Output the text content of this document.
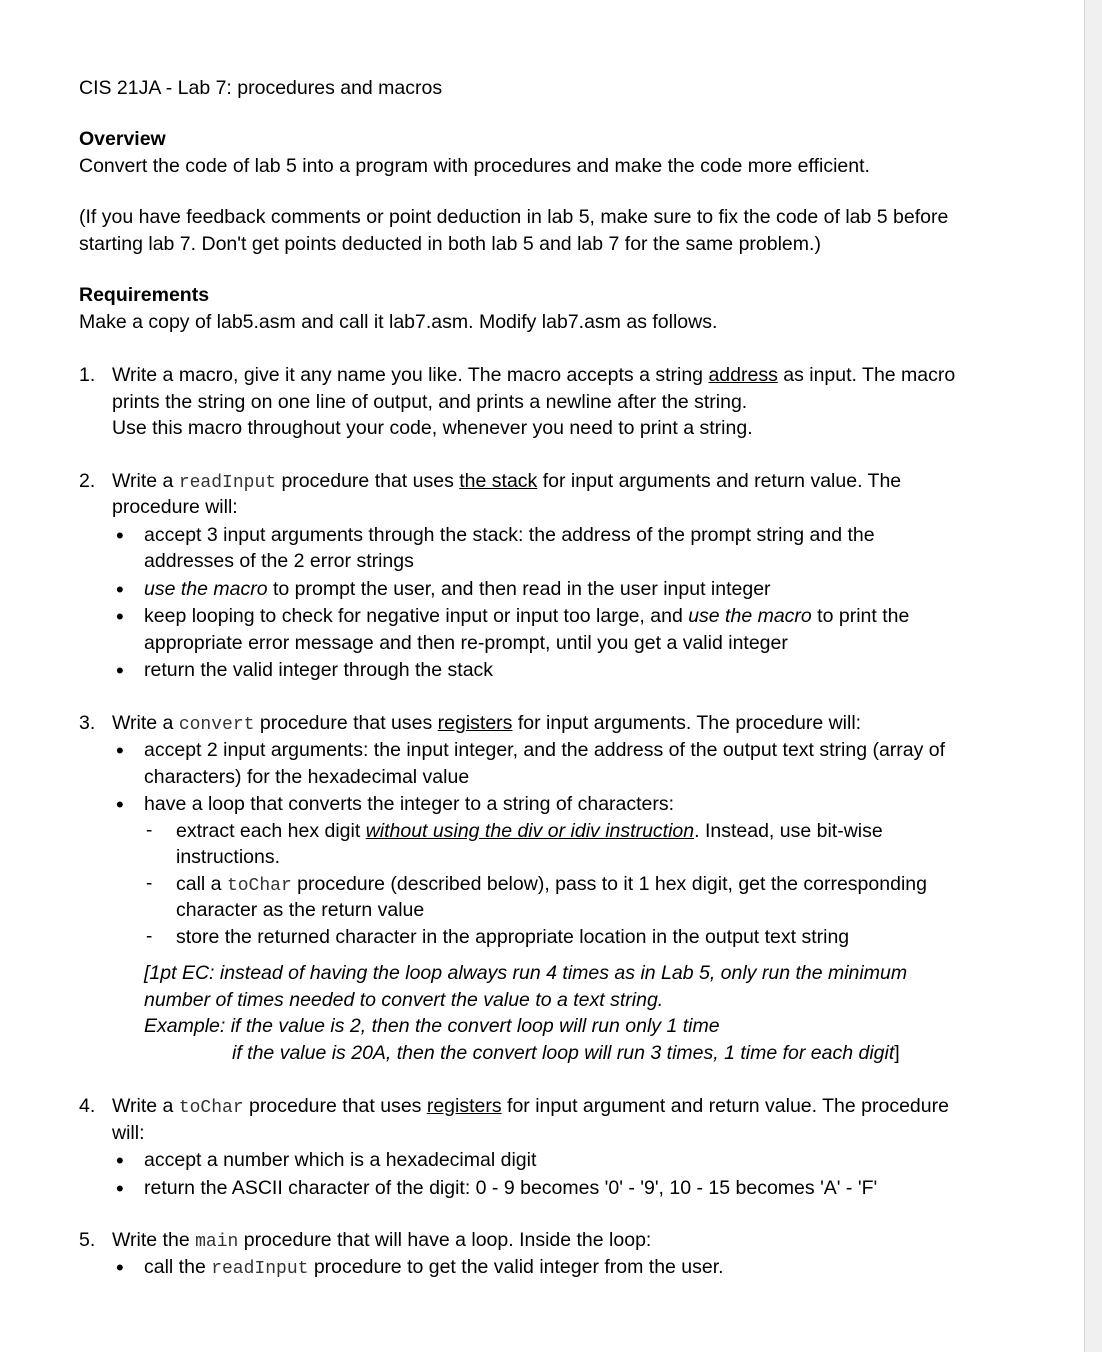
CIS 21JA - Lab 7: procedures and macros
Overview
Convert the code of lab 5 into a program with procedures and make the code more efficient.
(If you have feedback comments or point deduction in lab 5, make sure to fix the code of lab 5 before
starting lab 7. Don't get points deducted in both lab 5 and lab 7 for the same problem.)
Requirements
Make a copy of lab5.asm and call it lab7.asm. Modify lab7.asm as follows.
1. Write a macro, give it any name you like. The macro accepts a string address as input. The macro
prints the string on one line of output, and prints a newline after the string.
Use this macro throughout your code, whenever you need to print a string.
2. Write a readInput procedure that uses the stack for input arguments and return value. The
procedure will:
• accept 3 input arguments through the stack: the address of the prompt string and the
addresses of the 2 error strings
• use the macro to prompt the user, and then read in the user input integer
• keep looping to check for negative input or input too large, and use the macro to print the
appropriate error message and then re-prompt, until you get a valid integer
• return the valid integer through the stack
3. Write a convert procedure that uses registers for input arguments. The procedure will:
• accept 2 input arguments: the input integer, and the address of the output text string (array of
characters) for the hexadecimal value
• have a loop that converts the integer to a string of characters:
- extract each hex digit without using the div or idiv instruction. Instead, use bit-wise
instructions.
- call a toChar procedure (described below), pass to it 1 hex digit, get the corresponding
character as the return value
- store the returned character in the appropriate location in the output text string
[1pt EC: instead of having the loop always run 4 times as in Lab 5, only run the minimum
number of times needed to convert the value to a text string.
Example: if the value is 2, then the convert loop will run only 1 time
if the value is 20A, then the convert loop will run 3 times, 1 time for each digit]
4. Write a toChar procedure that uses registers for input argument and return value. The procedure
will:
• accept a number which is a hexadecimal digit
• return the ASCII character of the digit: 0 - 9 becomes '0' - '9', 10 - 15 becomes 'A' - 'F'
5. Write the main procedure that will have a loop. Inside the loop:
• call the readInput procedure to get the valid integer from the user.
